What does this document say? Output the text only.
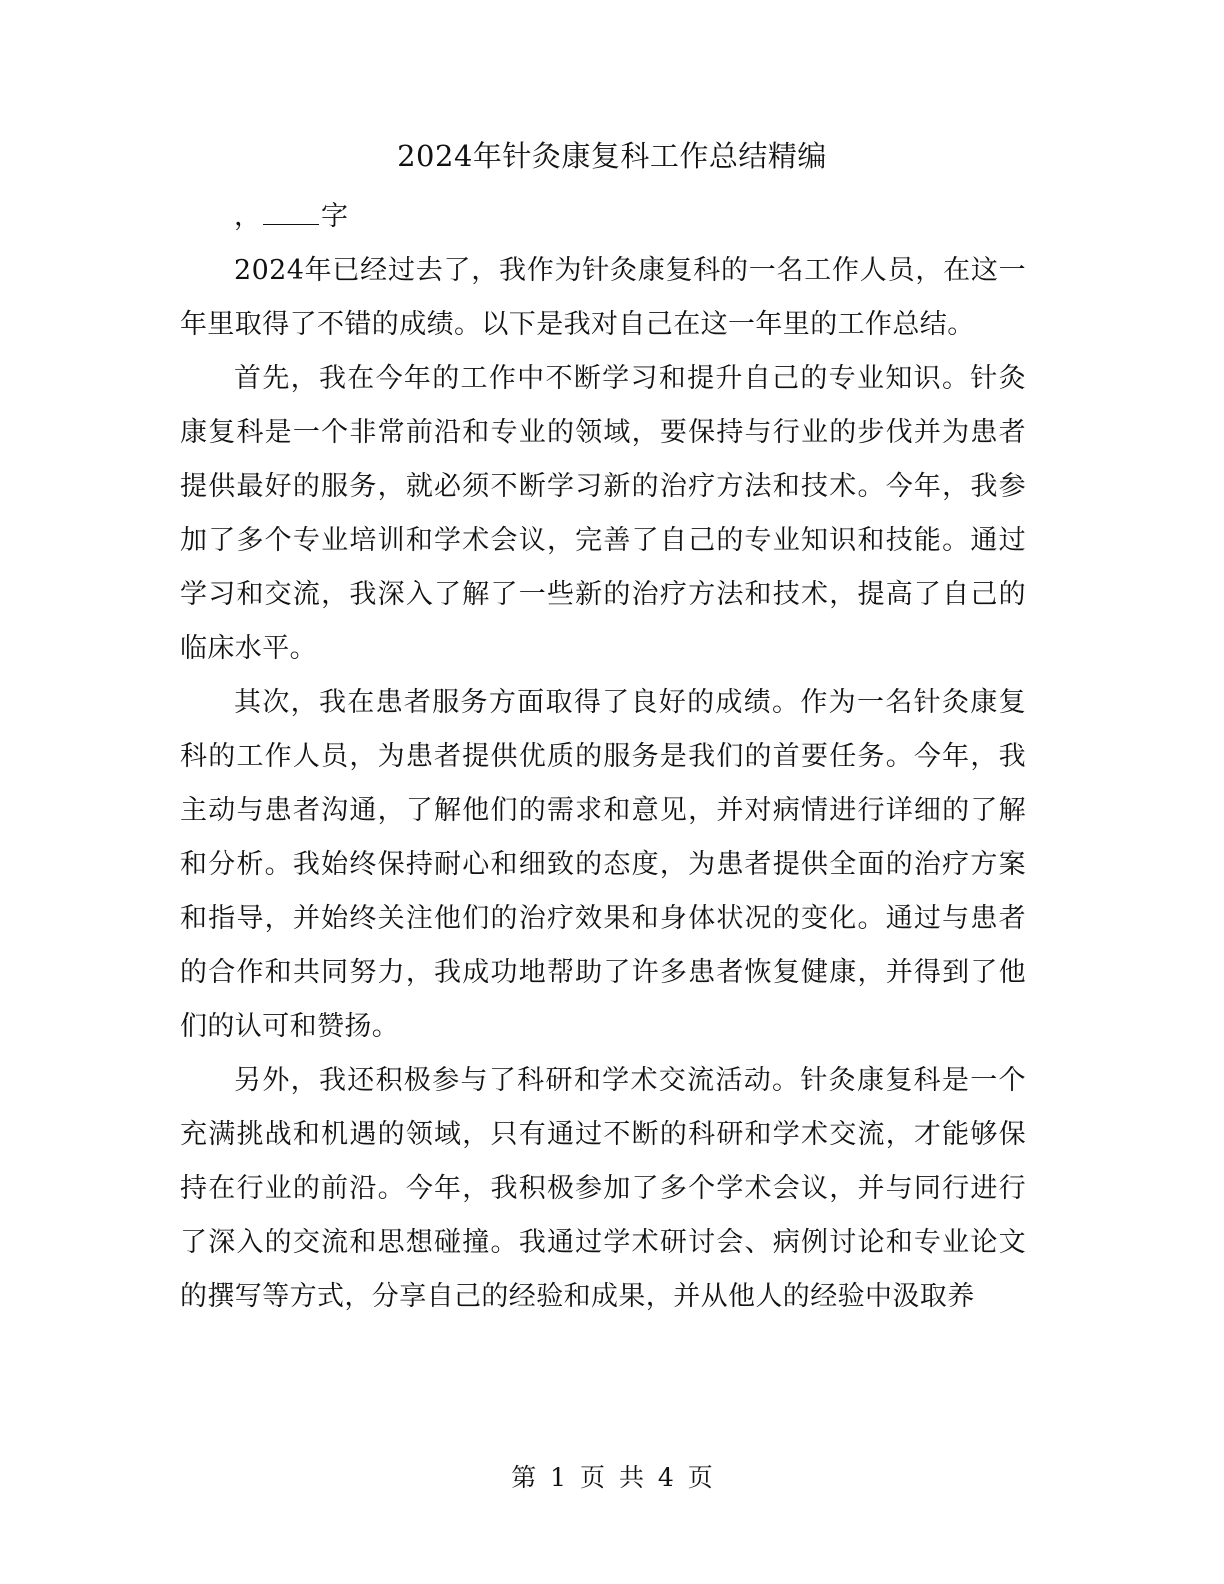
2024年针灸康复科工作总结精编

， 字

2024年已经过去了，我作为针灸康复科的一名工作人员，在这一年里取得了不错的成绩。以下是我对自己在这一年里的工作总结。

首先，我在今年的工作中不断学习和提升自己的专业知识。针灸康复科是一个非常前沿和专业的领域，要保持与行业的步伐并为患者提供最好的服务，就必须不断学习新的治疗方法和技术。今年，我参加了多个专业培训和学术会议，完善了自己的专业知识和技能。通过学习和交流，我深入了解了一些新的治疗方法和技术，提高了自己的临床水平。

其次，我在患者服务方面取得了良好的成绩。作为一名针灸康复科的工作人员，为患者提供优质的服务是我们的首要任务。今年，我主动与患者沟通，了解他们的需求和意见，并对病情进行详细的了解和分析。我始终保持耐心和细致的态度，为患者提供全面的治疗方案和指导，并始终关注他们的治疗效果和身体状况的变化。通过与患者的合作和共同努力，我成功地帮助了许多患者恢复健康，并得到了他们的认可和赞扬。

另外，我还积极参与了科研和学术交流活动。针灸康复科是一个充满挑战和机遇的领域，只有通过不断的科研和学术交流，才能够保持在行业的前沿。今年，我积极参加了多个学术会议，并与同行进行了深入的交流和思想碰撞。我通过学术研讨会、病例讨论和专业论文的撰写等方式，分享自己的经验和成果，并从他人的经验中汲取养

第 1 页 共 4 页
